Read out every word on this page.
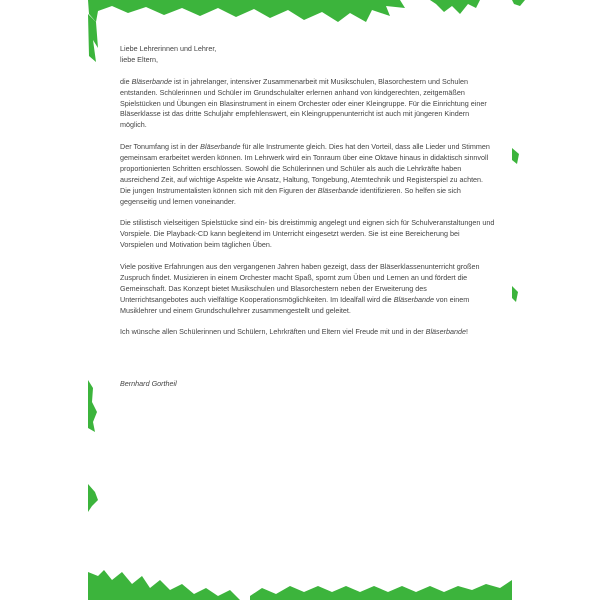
Liebe Lehrerinnen und Lehrer,
liebe Eltern,

die Bläserbande ist in jahrelanger, intensiver Zusammenarbeit mit Musikschulen, Blasorchestern und Schulen entstanden. Schülerinnen und Schüler im Grundschulalter erlernen anhand von kindgerechten, zeitgemäßen Spielstücken und Übungen ein Blasinstrument in einem Orchester oder einer Kleingruppe. Für die Einrichtung einer Bläserklasse ist das dritte Schuljahr empfehlenswert, ein Kleingruppenunterricht ist auch mit jüngeren Kindern möglich.

Der Tonumfang ist in der Bläserbande für alle Instrumente gleich. Dies hat den Vorteil, dass alle Lieder und Stimmen gemeinsam erarbeitet werden können. Im Lehrwerk wird ein Tonraum über eine Oktave hinaus in didaktisch sinnvoll proportionierten Schritten erschlossen. Sowohl die Schülerinnen und Schüler als auch die Lehrkräfte haben ausreichend Zeit, auf wichtige Aspekte wie Ansatz, Haltung, Tongebung, Atemtechnik und Registerspiel zu achten. Die jungen Instrumentalisten können sich mit den Figuren der Bläserbande identifizieren. So helfen sie sich gegenseitig und lernen voneinander.

Die stilistisch vielseitigen Spielstücke sind ein- bis dreistimmig angelegt und eignen sich für Schulveranstaltungen und Vorspiele. Die Playback-CD kann begleitend im Unterricht eingesetzt werden. Sie ist eine Bereicherung bei Vorspielen und Motivation beim täglichen Üben.

Viele positive Erfahrungen aus den vergangenen Jahren haben gezeigt, dass der Bläserklassenunterricht großen Zuspruch findet. Musizieren in einem Orchester macht Spaß, spornt zum Üben und Lernen an und fördert die Gemeinschaft. Das Konzept bietet Musikschulen und Blasorchestern neben der Erweiterung des Unterrichtsangebotes auch vielfältige Kooperationsmöglichkeiten. Im Idealfall wird die Bläserbande von einem Musiklehrer und einem Grundschullehrer zusammengestellt und geleitet.

Ich wünsche allen Schülerinnen und Schülern, Lehrkräften und Eltern viel Freude mit und in der Bläserbande!

Bernhard Gortheil
